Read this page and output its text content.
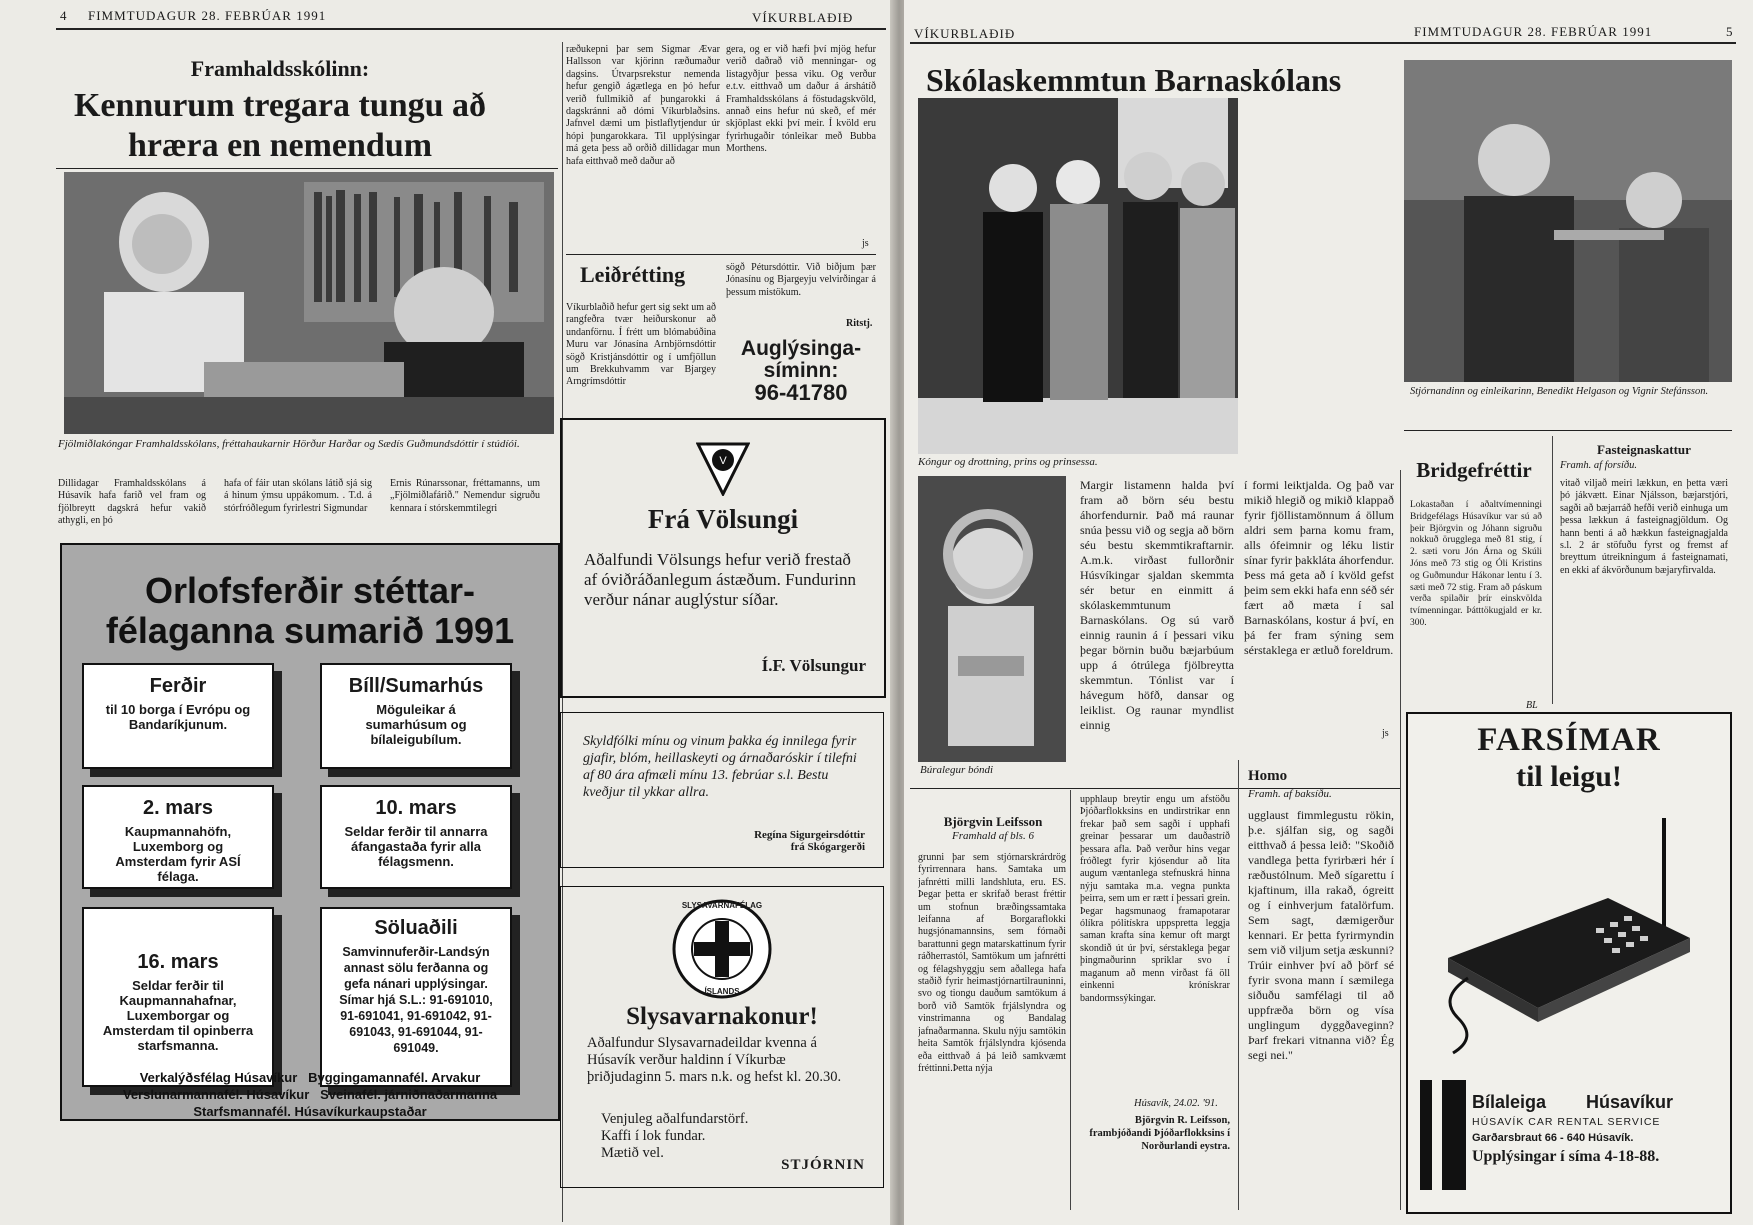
4 FIMMTUDAGUR 28. FEBRÚAR 1991	VÍKURBLAÐIÐ
Framhaldsskólinn:
Kennurum tregara tungu að hræra en nemendum
Fjölmiðlakóngar Framhaldsskólans, fréttahaukarnir Hörður Harðar og Sædís Guðmundsdóttir í stúdíói.
Dillidagar Framhaldsskólans á Húsavík hafa farið vel fram og fjölbreytt dagskrá hefur vakið athygli, en þó
hafa of fáir utan skólans látið sjá sig á hinum ýmsu uppákomum. . T.d. á stórfróðlegum fyrirlestri Sigmundar
Ernis Rúnarssonar, fréttamanns, um „Fjölmiðlafárið." Nemendur sigruðu kennara í stórskemmtilegri
ræðukepni þar sem Sigmar Ævar Hallsson var kjörinn ræðumaður dagsins. Útvarpsrekstur nemenda hefur gengið ágætlega en þó hefur verið fullmikið af þungarokki á dagskránni að dómi Víkurblaðsins. Jafnvel dæmi um þistlaflytjendur úr hópi þungarokkara. Til upplýsingar má geta þess að orðið dillidagar mun hafa eitthvað með daður að
gera, og er við hæfi því mjög hefur verið daðrað við menningar- og listagyðjur þessa viku. Og verður e.t.v. eitthvað um daður á árshátíð Framhaldsskólans á föstudagskvöld, annað eins hefur nú skeð, ef mér skjöplast ekki því meir. Í kvöld eru fyrirhugaðir tónleikar með Bubba Morthens.
js
Leiðrétting
Víkurblaðið hefur gert sig sekt um að rangfeðra tvær heiðurskonur að undanförnu. Í frétt um blómabúðina Muru var Jónasína Arnbjörnsdóttir sögð Kristjánsdóttir og í umfjöllun um Brekkuhvamm var Bjargey Arngrímsdóttir
sögð Pétursdóttir. Við biðjum þær Jónasínu og Bjargeyju velvirðingar á þessum mistökum.
Ritstj.
Auglýsinga-
síminn:
96-41780
Orlofsferðir stéttar-
félaganna sumarið 1991
Ferðir
til 10 borga í Evrópu og Bandaríkjunum.
Bíll/Sumarhús
Möguleikar á sumarhúsum og bílaleigubílum.
2. mars
Kaupmannahöfn, Luxemborg og Amsterdam fyrir ASÍ félaga.
10. mars
Seldar ferðir til annarra áfangastaða fyrir alla félagsmenn.
16. mars
Seldar ferðir til Kaupmannahafnar, Luxemborgar og Amsterdam til opinberra starfsmanna.
Söluaðili
Samvinnuferðir-Landsýn annast sölu ferðanna og gefa nánari upplýsingar. Símar hjá S.L.: 91-691010, 91-691041, 91-691042, 91-691043, 91-691044, 91-691049.
Verkalýðsfélag Húsavíkur   Byggingamannafél. Arvakur
Verslunarmannafél. Húsavíkur   Sveinafél. járniðnaðarmanna
Starfsmannafél. Húsavíkurkaupstaðar
V
Frá Völsungi
Aðalfundi Völsungs hefur verið frestað af óviðráðanlegum ástæðum. Fundurinn verður nánar auglýstur síðar.
Í.F. Völsungur
Skyldfólki mínu og vinum þakka ég innilega fyrir gjafir, blóm, heillaskeyti og árnaðaróskir í tilefni af 80 ára afmæli mínu 13. febrúar s.l. Bestu kveðjur til ykkar allra.
Regína Sigurgeirsdóttir
frá Skógargerði
SLYSAVARNAFÉLAG
ÍSLANDS
Slysavarnakonur!
Aðalfundur Slysavarnadeildar kvenna á Húsavík verður haldinn í Víkurbæ þriðjudaginn 5. mars n.k. og hefst kl. 20.30.
Venjuleg aðalfundarstörf.
Kaffi í lok fundar.
Mætið vel.
STJÓRNIN
VÍKURBLAÐIÐ	FIMMTUDAGUR 28. FEBRÚAR 1991	5
Skólaskemmtun Barnaskólans
Kóngur og drottning, prins og prinsessa.
Stjórnandinn og einleikarinn, Benedikt Helgason og Vignir Stefánsson.
Búralegur bóndi
Margir listamenn halda því fram að börn séu bestu áhorfendurnir. Það má raunar snúa þessu við og segja að börn séu bestu skemmtikraftarnir. A.m.k. virðast fullorðnir Húsvíkingar sjaldan skemmta sér betur en einmitt á skólaskemmtunum Barnaskólans. Og sú varð einnig raunin á í þessari viku þegar börnin buðu bæjarbúum upp á ótrúlega fjölbreytta skemmtun. Tónlist var í hávegum höfð, dansar og leiklist. Og raunar myndlist einnig
í formi leiktjalda. Og það var mikið hlegið og mikið klappað fyrir fjöllistamönnum á öllum aldri sem þarna komu fram, alls ófeimnir og léku listir sínar fyrir þakkláta áhorfendur. Þess má geta að í kvöld gefst þeim sem ekki hafa enn séð sér fært að mæta í sal Barnaskólans, kostur á því, en þá fer fram sýning sem sérstaklega er ætluð foreldrum.
js
Björgvin Leifsson
Framhald af bls. 6
grunni þar sem stjórnarskrárdrög fyrirrennara hans. Samtaka um jafnrétti milli landshluta, eru. ES. Þegar þetta er skrifað berast fréttir um stofnun bræðingssamtaka leifanna af Borgaraflokki hugsjónamannsins, sem fórnaði barattunni gegn matarskattinum fyrir ráðherrastól, Samtökum um jafnrétti og félagshyggju sem aðallega hafa staðið fyrir heimastjórnartilrauninni, svo og tiongu dauðum samtökum á borð við Samtök frjálslyndra og vinstrimanna og Bandalag jafnaðarmanna. Skulu nýju samtökin heita Samtök frjálslyndra kjósenda eða eitthvað á þá leið samkvæmt fréttinni.Þetta nýja
upphlaup breytir engu um afstöðu Þjóðarflokksins en undirstrikar enn frekar það sem sagði í upphafi greinar þessarar um dauðastríð þessara afla. Það verður hins vegar fróðlegt fyrir kjósendur að líta augum væntanlega stefnuskrá hinna nýju samtaka m.a. vegna punkta þeirra, sem um er rætt í þessari grein. Þegar hagsmunaog framapotarar ólíkra pólitískra uppspretta leggja saman krafta sína kemur oft margt skondið út úr því, sérstaklega þegar þingmaðurinn spriklar svo í maganum að menn virðast fá öll einkenni krónískrar bandormssýkingar.
Húsavík, 24.02. '91.
Björgvin R. Leifsson,
frambjóðandi Þjóðarflokksins í Norðurlandi eystra.
Homo
Framh. af baksíðu.
ugglaust fimmlegustu rökin, þ.e. sjálfan sig, og sagði eitthvað á þessa leið: "Skoðið vandlega þetta fyrirbæri hér í ræðustólnum. Með sígarettu í kjaftinum, illa rakað, ógreitt og í einhverjum fatalörfum. Sem sagt, dæmigerður kennari. Er þetta fyrirmyndin sem við viljum setja æskunni? Trúir einhver því að þörf sé fyrir svona mann í sæmilega siðuðu samfélagi til að uppfræða börn og vísa unglingum dyggðaveginn? Þarf frekari vitnanna við? Ég segi nei."
Bridgefréttir
Lokastaðan í aðaltvímenningi Bridgefélags Húsavíkur var sú að þeir Björgvin og Jóhann sigruðu nokkuð örugglega með 81 stig, í 2. sæti voru Jón Árna og Skúli Jóns með 73 stig og Óli Kristins og Guðmundur Hákonar lentu í 3. sæti með 72 stig. Fram að páskum verða spilaðir þrír einskvölda tvímenningar. Þátttökugjald er kr. 300.
BL
Fasteignaskattur
Framh. af forsíðu.
vitað viljað meiri lækkun, en þetta væri þó jákvætt. Einar Njálsson, bæjarstjóri, sagði að bæjarráð hefði verið einhuga um þessa lækkun á fasteignagjöldum. Og hann benti á að hækkun fasteignagjalda s.l. 2 ár stöfuðu fyrst og fremst af breyttum útreikningum á fasteignamati, en ekki af ákvörðunum bæjaryfirvalda.
FARSÍMAR
til leigu!
Bílaleiga Húsavíkur
HÚSAVÍK CAR RENTAL SERVICE
Garðarsbraut 66 - 640 Húsavík.
Upplýsingar í síma 4-18-88.
